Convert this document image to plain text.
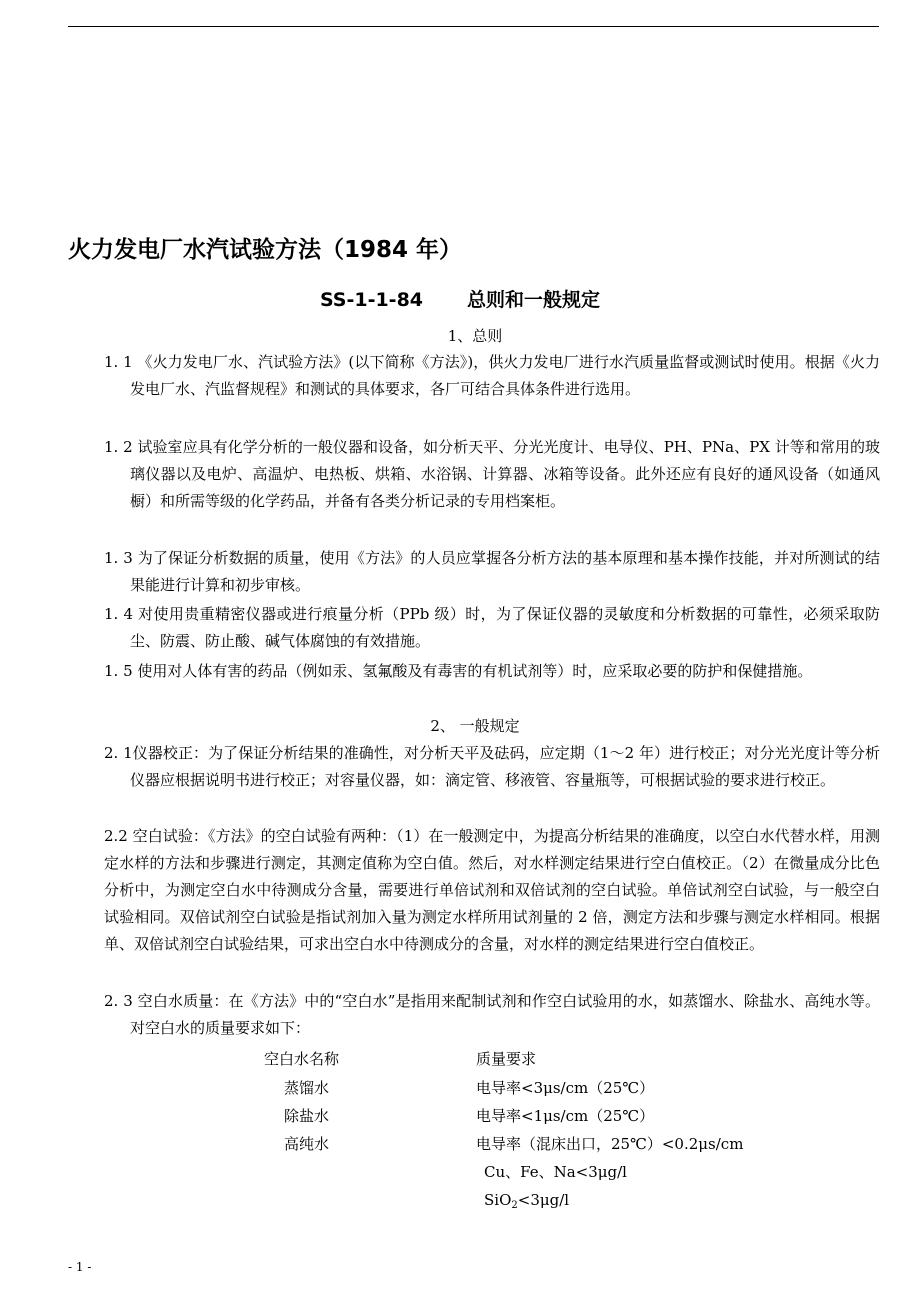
火力发电厂水汽试验方法（1984 年）
SS-1-1-84 总则和一般规定
1、总则
1. 1 《火力发电厂水、汽试验方法》(以下简称《方法》)，供火力发电厂进行水汽质量监督或测试时使用。根据《火力发电厂水、汽监督规程》和测试的具体要求，各厂可结合具体条件进行选用。
1. 2 试验室应具有化学分析的一般仪器和设备，如分析天平、分光光度计、电导仪、PH、PNa、PX 计等和常用的玻璃仪器以及电炉、高温炉、电热板、烘箱、水浴锅、计算器、冰箱等设备。此外还应有良好的通风设备（如通风橱）和所需等级的化学药品，并备有各类分析记录的专用档案柜。
1. 3 为了保证分析数据的质量，使用《方法》的人员应掌握各分析方法的基本原理和基本操作技能，并对所测试的结果能进行计算和初步审核。
1. 4 对使用贵重精密仪器或进行痕量分析（PPb 级）时，为了保证仪器的灵敏度和分析数据的可靠性，必须采取防尘、防震、防止酸、碱气体腐蚀的有效措施。
1. 5 使用对人体有害的药品（例如汞、氢氟酸及有毒害的有机试剂等）时，应采取必要的防护和保健措施。
2、 一般规定
2. 1仪器校正：为了保证分析结果的准确性，对分析天平及砝码，应定期（1～2 年）进行校正；对分光光度计等分析仪器应根据说明书进行校正；对容量仪器，如：滴定管、移液管、容量瓶等，可根据试验的要求进行校正。
2.2 空白试验：《方法》的空白试验有两种：（1）在一般测定中，为提高分析结果的准确度，以空白水代替水样，用测定水样的方法和步骤进行测定，其测定值称为空白值。然后，对水样测定结果进行空白值校正。（2）在微量成分比色分析中，为测定空白水中待测成分含量，需要进行单倍试剂和双倍试剂的空白试验。单倍试剂空白试验，与一般空白试验相同。双倍试剂空白试验是指试剂加入量为测定水样所用试剂量的 2 倍，测定方法和步骤与测定水样相同。根据单、双倍试剂空白试验结果，可求出空白水中待测成分的含量，对水样的测定结果进行空白值校正。
2. 3 空白水质量：在《方法》中的“空白水”是指用来配制试剂和作空白试验用的水，如蒸馏水、除盐水、高纯水等。对空白水的质量要求如下：
空白水名称	质量要求
蒸馏水	电导率<3μs/cm（25℃）
除盐水	电导率<1μs/cm（25℃）
高纯水	电导率（混床出口，25℃）<0.2μs/cm
Cu、Fe、Na<3μg/l
SiO$_2$<3μg/l
- 1 -
